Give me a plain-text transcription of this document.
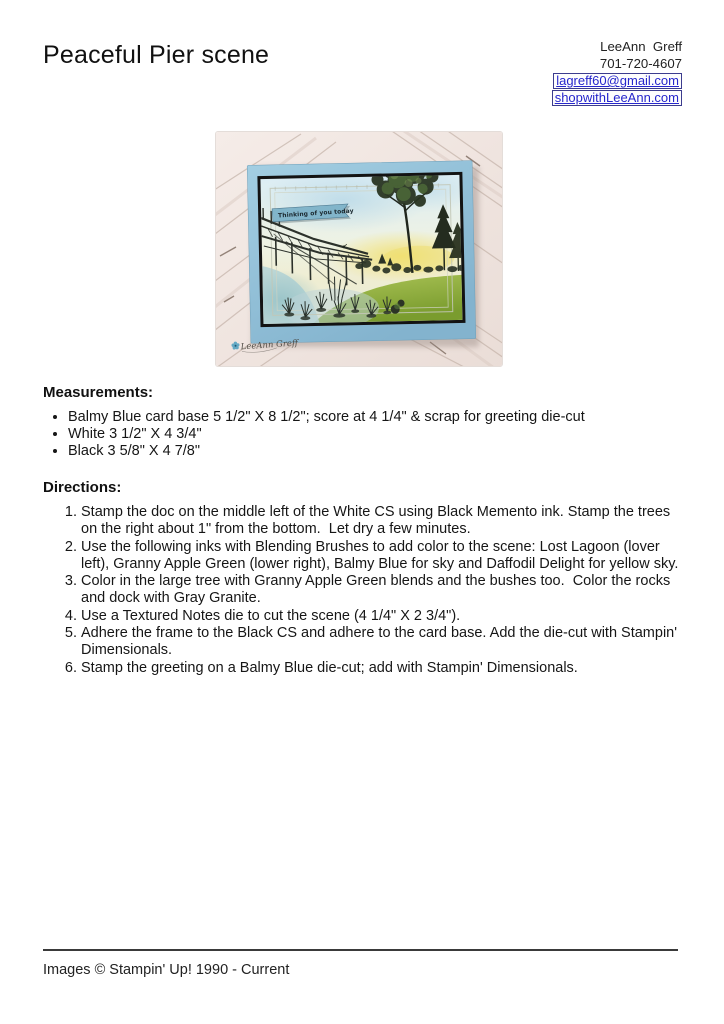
Peaceful Pier scene	LeeAnn  Greff
701-720-4607
lagreff60@gmail.com
shopwithLeeAnn.com
Thinking of you today
LeeAnn Greff
Measurements:
• Balmy Blue card base 5 1/2" X 8 1/2"; score at 4 1/4" & scrap for greeting die-cut
• White 3 1/2" X 4 3/4"
• Black 3 5/8" X 4 7/8"
Directions:
1. Stamp the doc on the middle left of the White CS using Black Memento ink. Stamp the trees on the right about 1" from the bottom.  Let dry a few minutes.
2. Use the following inks with Blending Brushes to add color to the scene: Lost Lagoon (lover left), Granny Apple Green (lower right), Balmy Blue for sky and Daffodil Delight for yellow sky.
3. Color in the large tree with Granny Apple Green blends and the bushes too.  Color the rocks and dock with Gray Granite.
4. Use a Textured Notes die to cut the scene (4 1/4" X 2 3/4").
5. Adhere the frame to the Black CS and adhere to the card base. Add the die-cut with Stampin' Dimensionals.
6. Stamp the greeting on a Balmy Blue die-cut; add with Stampin' Dimensionals.
Images © Stampin' Up! 1990 - Current
